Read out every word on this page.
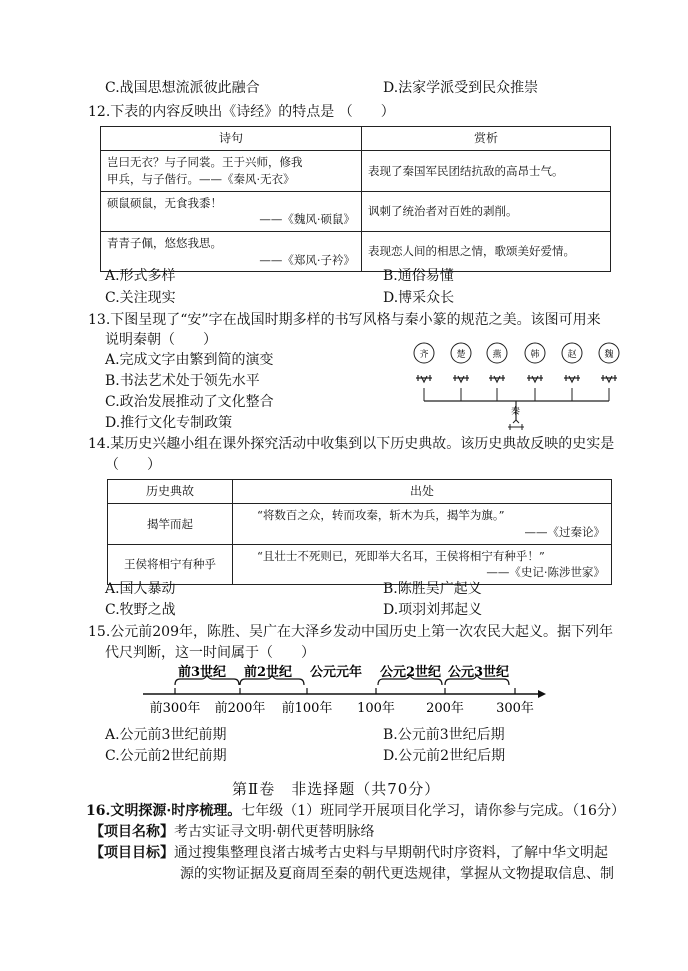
C.战国思想流派彼此融合	D.法家学派受到民众推崇
12.下表的内容反映出《诗经》的特点是 （　　）
诗句	赏析

岂曰无衣？与子同裳。王于兴师，修我
甲兵，与子偕行。——《秦风·无衣》	表现了秦国军民团结抗敌的高昂士气。

硕鼠硕鼠，无食我黍！
——《魏风·硕鼠》	讽刺了统治者对百姓的剥削。

青青子佩，悠悠我思。
——《郑风·子衿》	表现恋人间的相思之情，歌颂美好爱情。
A.形式多样	B.通俗易懂
C.关注现实	D.博采众长
13.下图呈现了“安”字在战国时期多样的书写风格与秦小篆的规范之美。该图可用来
说明秦朝（　　）
A.完成文字由繁到简的演变
B.书法艺术处于领先水平
C.政治发展推动了文化整合
D.推行文化专制政策
齐	楚	燕	韩	赵	魏
秦
14.某历史兴趣小组在课外探究活动中收集到以下历史典故。该历史典故反映的史实是
（　　）
历史典故	出处
揭竿而起	“将数百之众，转而攻秦，斩木为兵，揭竿为旗。”
——《过秦论》

王侯将相宁有种乎	“且壮士不死则已，死即举大名耳，王侯将相宁有种乎！”
——《史记·陈涉世家》
A.国人暴动	B.陈胜吴广起义
C.牧野之战	D.项羽刘邦起义
15.公元前209年，陈胜、吴广在大泽乡发动中国历史上第一次农民大起义。据下列年
代尺判断，这一时间属于（　　）
前300年 前200年 前100年 100年 200年 300年
前3世纪 前2世纪 公元元年 公元2世纪 公元3世纪
A.公元前3世纪前期	B.公元前3世纪后期
C.公元前2世纪前期	D.公元前2世纪后期
第Ⅱ卷　非选择题（共70分）
16.文明探源·时序梳理。七年级（1）班同学开展项目化学习，请你参与完成。（16分）
【项目名称】考古实证寻文明·朝代更替明脉络
【项目目标】通过搜集整理良渚古城考古史料与早期朝代时序资料，了解中华文明起
源的实物证据及夏商周至秦的朝代更迭规律，掌握从文物提取信息、制
